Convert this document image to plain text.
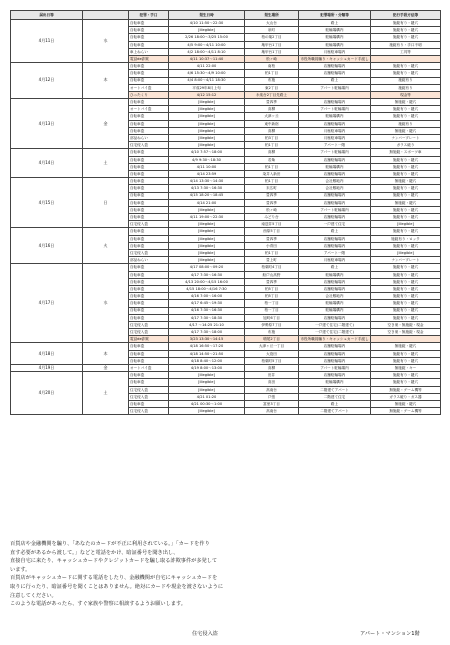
届出日等		犯罪・手口	発生日時	発生場所	犯罪場所・分類等	犯行手段方法等
4月11日	水	自転車盗	4/10 11:50～22:30	大山台	路上	施錠有り・鍵穴
		自転車盗	[illegible]	泉町	駐輪場構内	施錠有り・鍵穴
		自転車盗	2/26 18:00～3/25 15:00	柏の葉2丁目	駐輪場構内	施錠有り・鍵穴
		自転車盗	4/5 9:00～4/11 10:00	亀甲台1丁目	駐輪場構内	施錠有り・手口不明
		車上ねらい	4/2 18:00～4/11 8:10	亀甲台1丁目	月極駐車場内	工具等
		電話de詐欺	4/11 10:37～11:40	松ヶ崎	市役所職員騙り・キャッシュカード手渡し	
4月12日	木	自転車盗	4/11 22:00	南柏	店舗駐輪場内	施錠有り・鍵穴
		自転車盗	4/6 15:30～4/9 10:00	柏1丁目	店舗駐輪場内	施錠有り・鍵穴
		自転車盗	4/4 8:00～4/11 18:30	布施	路上	施錠有り
		オートバイ盗	平成29年8月上旬	東2丁目	アパート駐輪場内	施錠有り
		ひったくり	4/12 15:12	永楽台2丁目先路上		現金等
4月13日	金	自転車盗	[illegible]	豊四季	店舗駐輪場内	無施錠・鍵穴
		オートバイ盗	[illegible]	高柳	アパート駐輪場内	施錠有り・鍵穴
		自転車盗	[illegible]	大津ヶ丘	駐輪場構内	施錠有り・鍵穴
		自転車盗	[illegible]	東中新宿	店舗駐輪場内	施錠有り
		自転車盗	[illegible]	高柳	月極駐車場内	無施錠・鍵穴
		部品ねらい	[illegible]	柏3丁目	月極駐車場内	ナンバープレート
		住宅侵入盗	[illegible]	柏1丁目	アパート一階	ガラス破り
4月14日	土	自転車盗	4/10 7:57～18:00	高柳	アパート駐輪場内	無施錠・スポーツ車
		自転車盗	4/9 9:30～18:30	若柴	店舗駐輪場内	施錠有り・鍵穴
		自転車盗	4/11 10:00	柏1丁目	駐輪場構内	施錠有り・鍵穴
		自転車盗	4/14 23:59	染井入新田	店舗駐輪場内	施錠有り・鍵穴
4月15日	日	自転車盗	4/14 13:30～14:30	柏1丁目	会社敷地内	無施錠・鍵穴
		自転車盗	4/13 7:30～16:30	末広町	会社敷地内	施錠有り・鍵穴
		自転車盗	4/15 18:20～18:45	豊四季	店舗駐輪場内	施錠有り・鍵穴
		自転車盗	4/14 21:00	豊四季	店舗駐輪場内	無施錠・鍵穴
		自転車盗	[illegible]	松ヶ崎	アパート駐輪場内	施錠有り・鍵穴
		自転車盗	4/11 19:00～22:30	みどり台	店舗駐輪場内	施錠有り・鍵穴
		住宅侵入盗	[illegible]	南逆井5丁目	一戸建て住宅	[illegible]
4月16日	火	自転車盗	[illegible]	西原5丁目	路上	施錠有り・鍵穴
		自転車盗	[illegible]	豊四季	店舗駐輪場内	施錠有り・ロック
		自転車盗	[illegible]	小青田	店舗駐輪場内	施錠有り・鍵穴
		住宅侵入盗	[illegible]	柏1丁目	アパート一階	[illegible]
		部品ねらい	[illegible]	豊上町	月極駐車場内	ナンバープレート
4月17日	水	自転車盗	4/17 08:00～09:20	柏葉町4丁目	路上	施錠有り・鍵穴
		自転車盗	4/17 7:30～16:30	船戸山高野	駐輪場構内	施錠有り・鍵穴
		自転車盗	4/13 20:00～4/15 16:00	豊四季	店舗駐輪場内	施錠有り・鍵穴
		自転車盗	4/15 18:00～4/16 7:30	柏5丁目	店舗駐輪場内	施錠有り・鍵穴
		自転車盗	4/16 7:00～16:00	柏5丁目	会社敷地内	施錠有り・鍵穴
		自転車盗	4/17 6:45～19:30	柏一丁目	駐輪場構内	施錠有り・鍵穴
		自転車盗	4/16 7:30～16:30	柏一丁目	駐輪場構内	施錠有り・鍵穴
		自転車盗	4/17 7:30～18:30	旭町6丁目	店舗駐輪場内	施錠有り・鍵穴
		住宅侵入盗	4/17 ～14:25 21:10	伊勢原7丁目	一戸建て住宅(二階建て)	空き巣・無施錠・現金
		住宅侵入盗	4/17 7:30～18:00	布施	一戸建て住宅(二階建て)	空き巣・無施錠・現金
		電話de詐欺	3/23 13:30～14:15	増尾2丁目	市役所職員騙り・キャッシュカード手渡し	
4月18日	木	自転車盗	4/18 16:50～17:20	大津ヶ丘一丁目	店舗駐輪場内	無施錠・鍵穴
		自転車盗	4/18 14:50～21:50	大島田	店舗駐輪場内	施錠有り・鍵穴
		自転車盗	4/18 8:40～12:00	柏葉町5丁目	店舗駐輪場内	施錠有り・鍵穴
4月19日	金	オートバイ盗	4/19 8:00～13:00	高柳	アパート駐輪場内	無施錠・キー
4月20日	土	自転車盗	[illegible]	田井	店舗駐輪場内	施錠有り・鍵穴
		自転車盗	[illegible]	高田	駐輪場構内	施錠有り・鍵穴
		住宅侵入盗	[illegible]	高南台	二階建てアパート	無施錠・ゲーム機等
		住宅侵入盗	4/21 01:20	戸張	二階建て住宅	ガラス破り・ガス器
		自転車盗	4/21 00:30～1:00	富里3丁目	路上	無施錠・鍵穴
		住宅侵入盗	[illegible]	高南台	二階建てアパート	無施錠・ゲーム機等

百貨店や金融機関を騙り、「あなたのカードが不正に利用されている。」「カードを作り

直す必要があるから渡して。」などと電話をかけ、暗証番号を聞き出し、

直接自宅に来たり、キャッシュカードやクレジットカードを騙し取る詐欺事件が多発して

います。

百貨店がキャッシュカードに関する電話をしたり、金融機関が自宅にキャッシュカードを

取りに行ったり、暗証番号を聞くことはありません。絶対にカードや現金を渡さないように

注意してください。

このような電話があったら、すぐ家族や警察に相談するようお願いします。

住宅侵入盗	アパート・マンション1階
